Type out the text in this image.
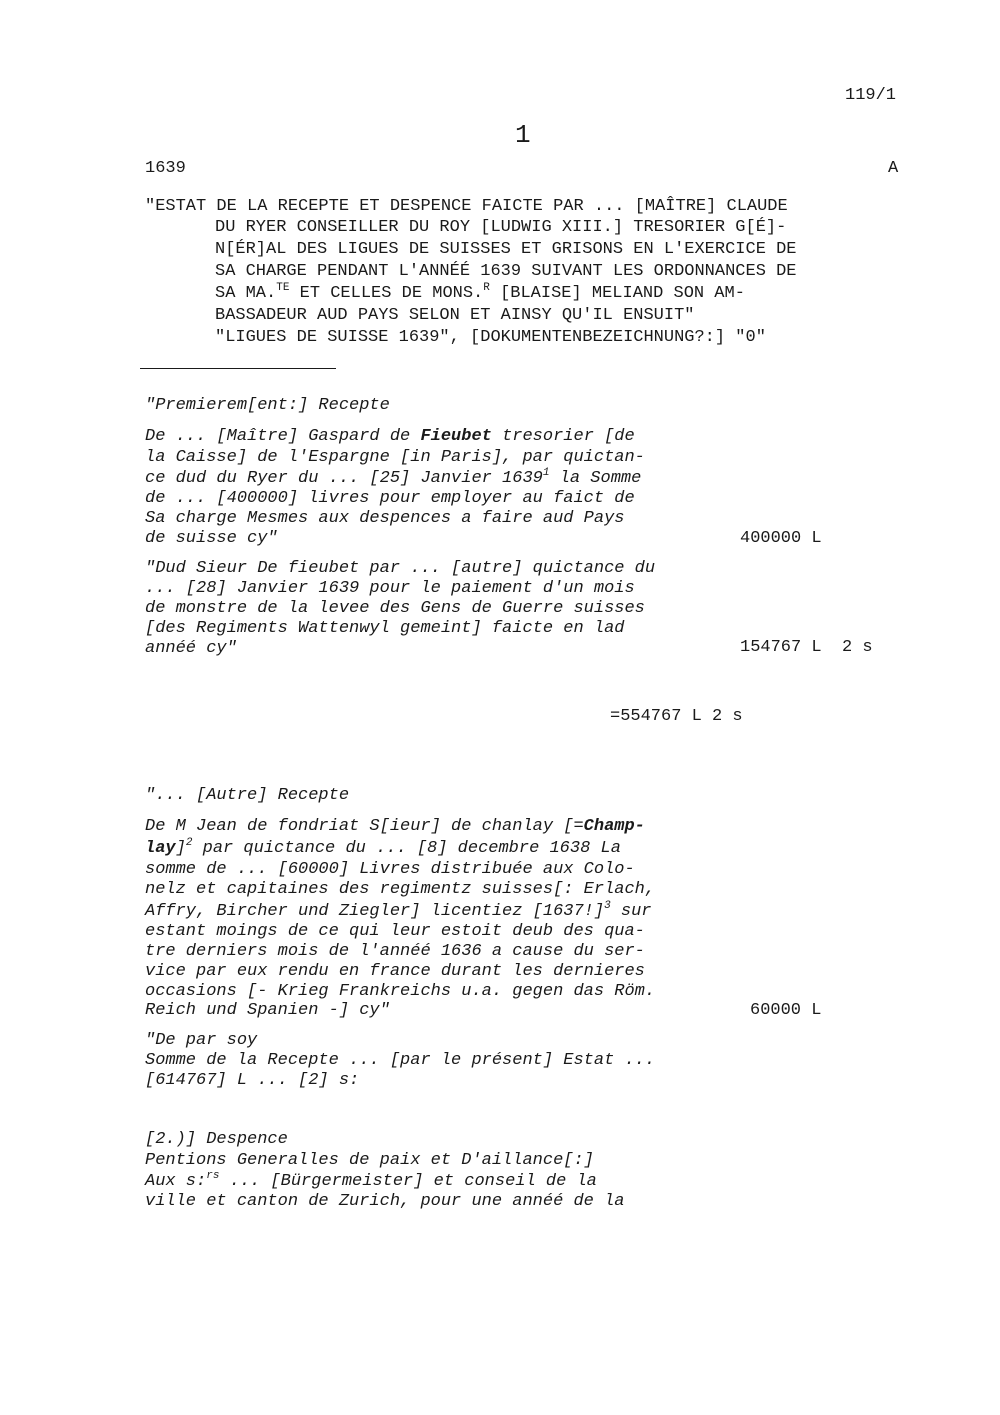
119/1
1
1639	A
"ESTAT DE LA RECEPTE ET DESPENCE FAICTE PAR ... [MAÎTRE] CLAUDE
DU RYER CONSEILLER DU ROY [LUDWIG XIII.] TRESORIER G[É]-
N[ÉR]AL DES LIGUES DE SUISSES ET GRISONS EN L'EXERCICE DE
SA CHARGE PENDANT L'ANNÉÉ 1639 SUIVANT LES ORDONNANCES DE
SA MA.$^{TE}$ ET CELLES DE MONS.$^R$ [BLAISE] MELIAND SON AM-
BASSADEUR AUD PAYS SELON ET AINSY QU'IL ENSUIT"
"LIGUES DE SUISSE 1639", [DOKUMENTENBEZEICHNUNG?:] "0"
"Premierem[ent:] Recepte
De ... [Maître] Gaspard de Fieubet tresorier [de
la Caisse] de l'Espargne [in Paris], par quictan-
ce dud du Ryer du ... [25] Janvier 1639$^1$ la Somme
de ... [400000] livres pour employer au faict de
Sa charge Mesmes aux despences a faire aud Pays
de suisse cy"	400000 L
"Dud Sieur De fieubet par ... [autre] quictance du
... [28] Janvier 1639 pour le paiement d'un mois
de monstre de la levee des Gens de Guerre suisses
[des Regiments Wattenwyl gemeint] faicte en lad
annéé cy"	154767 L  2 s
=554767 L 2 s
"... [Autre] Recepte
De M Jean de fondriat S[ieur] de chanlay [=Champ-
lay]$^2$ par quictance du ... [8] decembre 1638 La
somme de ... [60000] Livres distribuée aux Colo-
nelz et capitaines des regimentz suisses[: Erlach,
Affry, Bircher und Ziegler] licentiez $[1637!]^3$ sur
estant moings de ce qui leur estoit deub des qua-
tre derniers mois de l'annéé 1636 a cause du ser-
vice par eux rendu en france durant les dernieres
occasions [- Krieg Frankreichs u.a. gegen das Röm.
Reich und Spanien -] cy"	60000 L
"De par soy
Somme de la Recepte ... [par le présent] Estat ...
[614767] L ... [2] s:
[2.)] Despence
Pentions Generalles de paix et D'aillance[:]
Aux s:$^{rs}$ ... [Bürgermeister] et conseil de la
ville et canton de Zurich, pour une annéé de la
